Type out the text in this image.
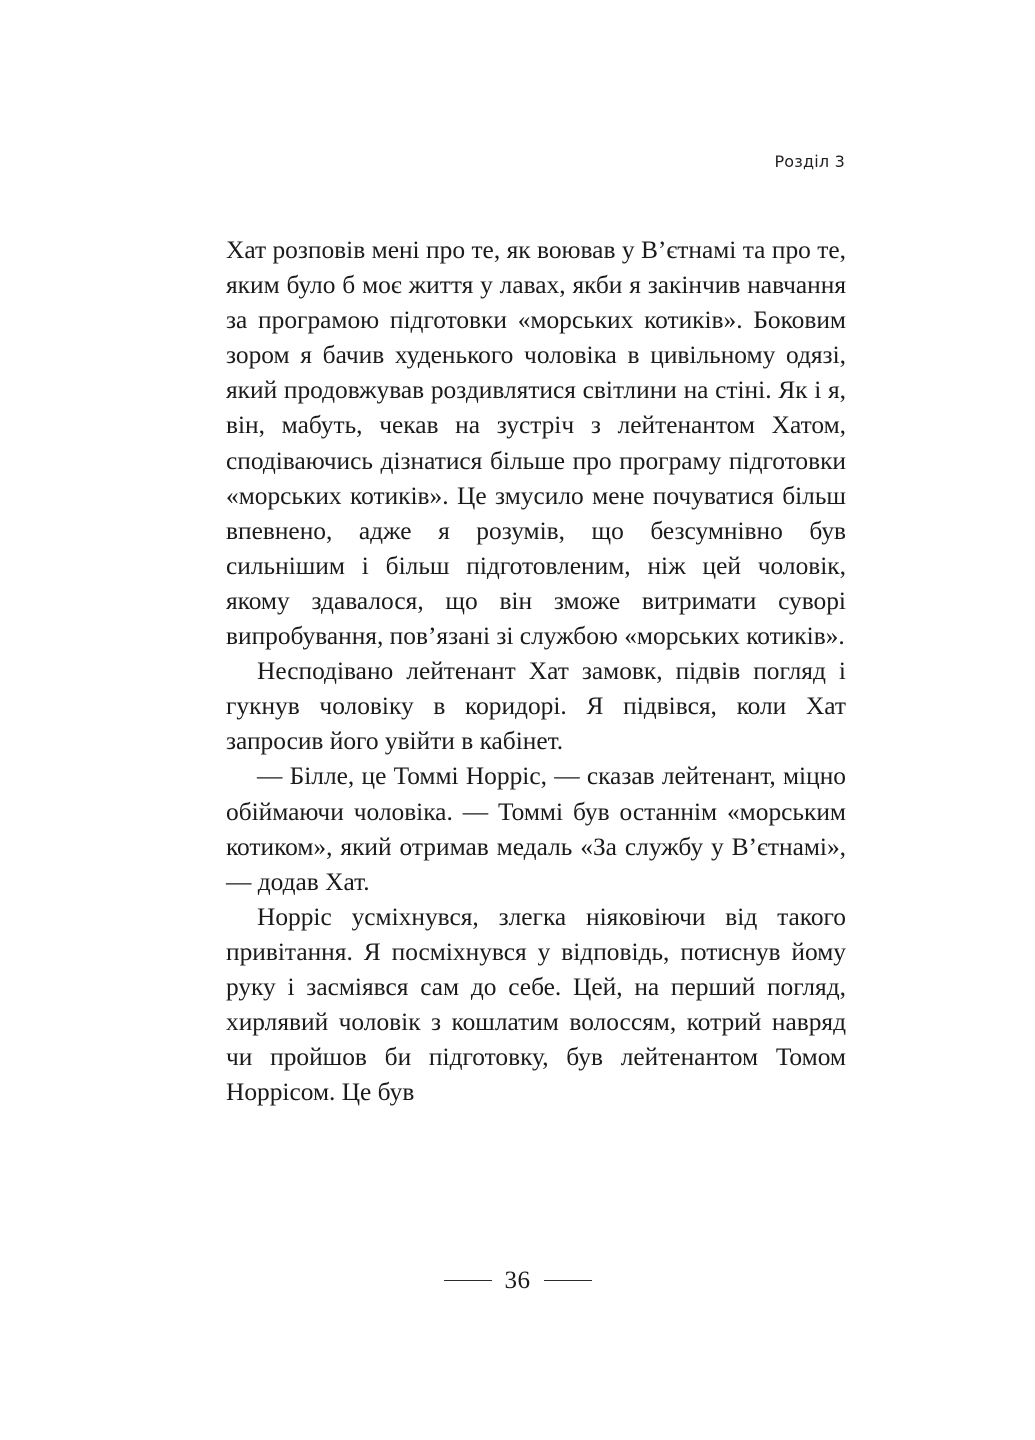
Розділ 3

Хат розповів мені про те, як воював у В’єтнамі та про те, яким було б моє життя у лавах, якби я закінчив навчання за програмою підготовки «морських котиків». Боковим зором я бачив худенького чоловіка в цивільному одязі, який продовжував роздивлятися світлини на стіні. Як і я, він, мабуть, чекав на зустріч з лейтенантом Хатом, сподіваючись дізнатися більше про програму підготовки «морських котиків». Це змусило мене почуватися більш впевнено, адже я розумів, що безсумнівно був сильнішим і більш підготовленим, ніж цей чоловік, якому здавалося, що він зможе витримати суворі випробування, пов’язані зі службою «морських котиків».

Несподівано лейтенант Хат замовк, підвів погляд і гукнув чоловіку в коридорі. Я підвівся, коли Хат запросив його увійти в кабінет.

— Білле, це Томмі Норріс, — сказав лейтенант, міцно обіймаючи чоловіка. — Томмі був останнім «морським котиком», який отримав медаль «За службу у В’єтнамі», — додав Хат.

Норріс усміхнувся, злегка ніяковіючи від такого привітання. Я посміхнувся у відповідь, потиснув йому руку і засміявся сам до себе. Цей, на перший погляд, хирлявий чоловік з кошлатим волоссям, котрий навряд чи пройшов би підготовку, був лейтенантом Томом Норрісом. Це був

36
